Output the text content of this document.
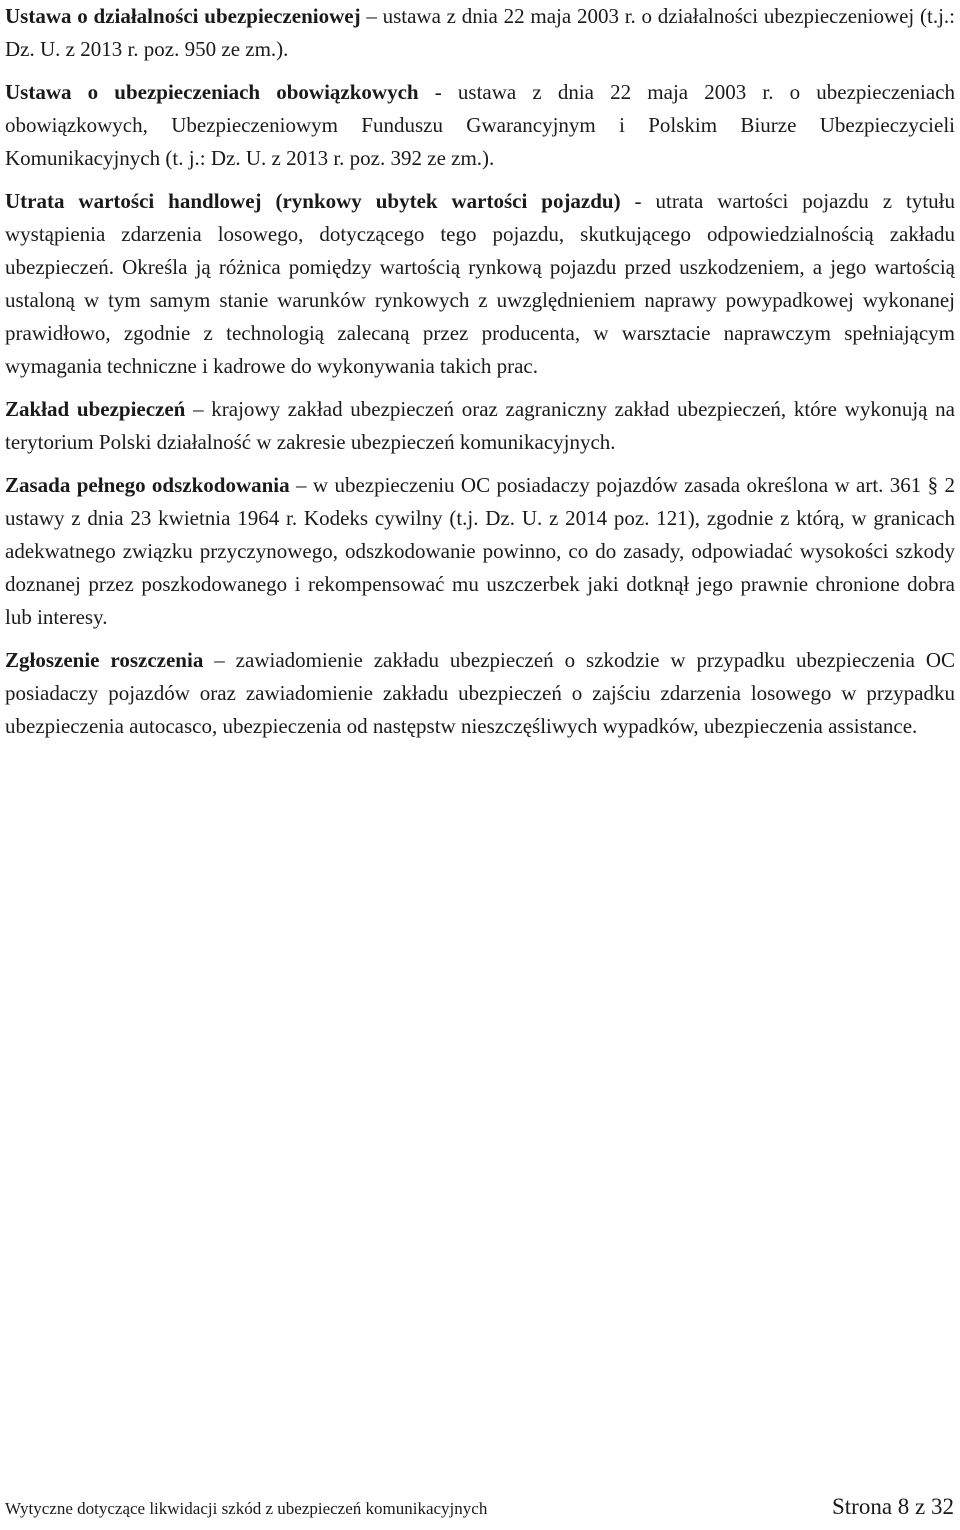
Ustawa o działalności ubezpieczeniowej – ustawa z dnia 22 maja 2003 r. o działalności ubezpieczeniowej (t.j.: Dz. U. z 2013 r. poz. 950 ze zm.).

Ustawa o ubezpieczeniach obowiązkowych - ustawa z dnia 22 maja 2003 r. o ubezpieczeniach obowiązkowych, Ubezpieczeniowym Funduszu Gwarancyjnym i Polskim Biurze Ubezpieczycieli Komunikacyjnych (t. j.: Dz. U. z 2013 r. poz. 392 ze zm.).

Utrata wartości handlowej (rynkowy ubytek wartości pojazdu) - utrata wartości pojazdu z tytułu wystąpienia zdarzenia losowego, dotyczącego tego pojazdu, skutkującego odpowiedzialnością zakładu ubezpieczeń. Określa ją różnica pomiędzy wartością rynkową pojazdu przed uszkodzeniem, a jego wartością ustaloną w tym samym stanie warunków rynkowych z uwzględnieniem naprawy powypadkowej wykonanej prawidłowo, zgodnie z technologią zalecaną przez producenta, w warsztacie naprawczym spełniającym wymagania techniczne i kadrowe do wykonywania takich prac.

Zakład ubezpieczeń – krajowy zakład ubezpieczeń oraz zagraniczny zakład ubezpieczeń, które wykonują na terytorium Polski działalność w zakresie ubezpieczeń komunikacyjnych.

Zasada pełnego odszkodowania – w ubezpieczeniu OC posiadaczy pojazdów zasada określona w art. 361 § 2 ustawy z dnia 23 kwietnia 1964 r. Kodeks cywilny (t.j. Dz. U. z 2014 poz. 121), zgodnie z którą, w granicach adekwatnego związku przyczynowego, odszkodowanie powinno, co do zasady, odpowiadać wysokości szkody doznanej przez poszkodowanego i rekompensować mu uszczerbek jaki dotknął jego prawnie chronione dobra lub interesy.

Zgłoszenie roszczenia – zawiadomienie zakładu ubezpieczeń o szkodzie w przypadku ubezpieczenia OC posiadaczy pojazdów oraz zawiadomienie zakładu ubezpieczeń o zajściu zdarzenia losowego w przypadku ubezpieczenia autocasco, ubezpieczenia od następstw nieszczęśliwych wypadków, ubezpieczenia assistance.

Wytyczne dotyczące likwidacji szkód z ubezpieczeń komunikacyjnych	Strona 8 z 32
